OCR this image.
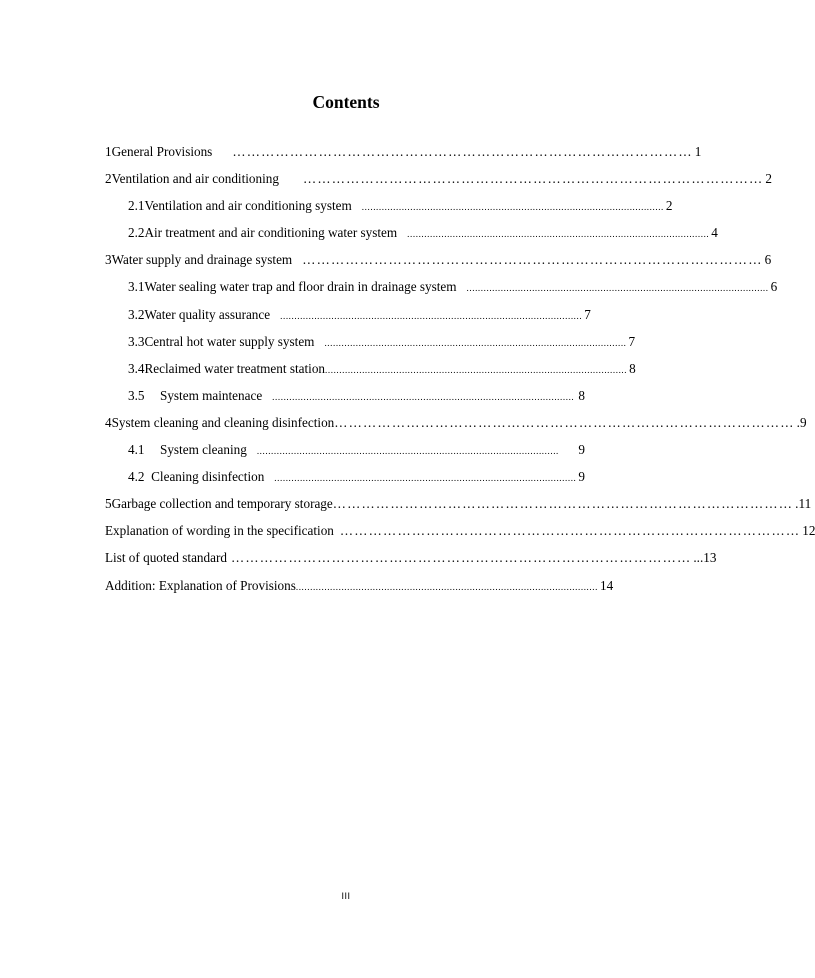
Contents
1 General Provisions …………………………………………………………………………………… 1
2 Ventilation and air conditioning …………………………………………………………………………………… 2
2.1 Ventilation and air conditioning system .......................................................................................................... 2
2.2 Air treatment and air conditioning water system .......................................................................................................... 4
3 Water supply and drainage system …………………………………………………………………………………… 6
3.1 Water sealing water trap and floor drain in drainage system .......................................................................................................... 6
3.2 Water quality assurance .......................................................................................................... 7
3.3 Central hot water supply system .......................................................................................................... 7
3.4 Reclaimed water treatment station .......................................................................................................... 8
3.5	System maintenace .......................................................................................................... 8
4 System cleaning and cleaning disinfection …………………………………………………………………………………… .9
4.1	System cleaning ..........................................................................................................	9
4.2 Cleaning disinfection .......................................................................................................... 9
5 Garbage collection and temporary storage …………………………………………………………………………………… .11
Explanation of wording in the specification …………………………………………………………………………………… 12
List of quoted standard …………………………………………………………………………………… ...13
Addition: Explanation of Provisions .......................................................................................................... 14
III
